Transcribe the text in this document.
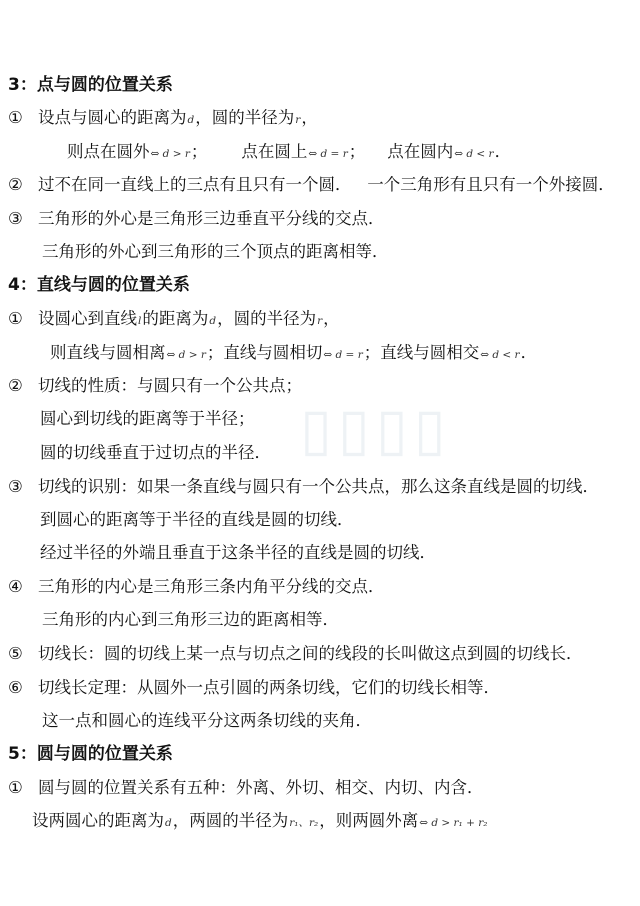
▯▯▯▯
3：点与圆的位置关系
① 设点与圆心的距离为d，圆的半径为r，
则点在圆外⇔ d > r； 点在圆上⇔ d = r； 点在圆内⇔ d < r．
② 过不在同一直线上的三点有且只有一个圆．   一个三角形有且只有一个外接圆．
③ 三角形的外心是三角形三边垂直平分线的交点．
三角形的外心到三角形的三个顶点的距离相等．
4：直线与圆的位置关系
① 设圆心到直线l的距离为d，圆的半径为r，
则直线与圆相离⇔ d > r；直线与圆相切⇔ d = r；直线与圆相交⇔ d < r．
② 切线的性质：与圆只有一个公共点；
圆心到切线的距离等于半径；
圆的切线垂直于过切点的半径．
③ 切线的识别：如果一条直线与圆只有一个公共点，那么这条直线是圆的切线．
到圆心的距离等于半径的直线是圆的切线．
经过半径的外端且垂直于这条半径的直线是圆的切线．
④ 三角形的内心是三角形三条内角平分线的交点．
三角形的内心到三角形三边的距离相等．
⑤ 切线长：圆的切线上某一点与切点之间的线段的长叫做这点到圆的切线长．
⑥ 切线长定理：从圆外一点引圆的两条切线，它们的切线长相等．
这一点和圆心的连线平分这两条切线的夹角．
5：圆与圆的位置关系
① 圆与圆的位置关系有五种：外离、外切、相交、内切、内含．
设两圆心的距离为d，两圆的半径为r₁、r₂，则两圆外离⇔ d > r₁ + r₂
